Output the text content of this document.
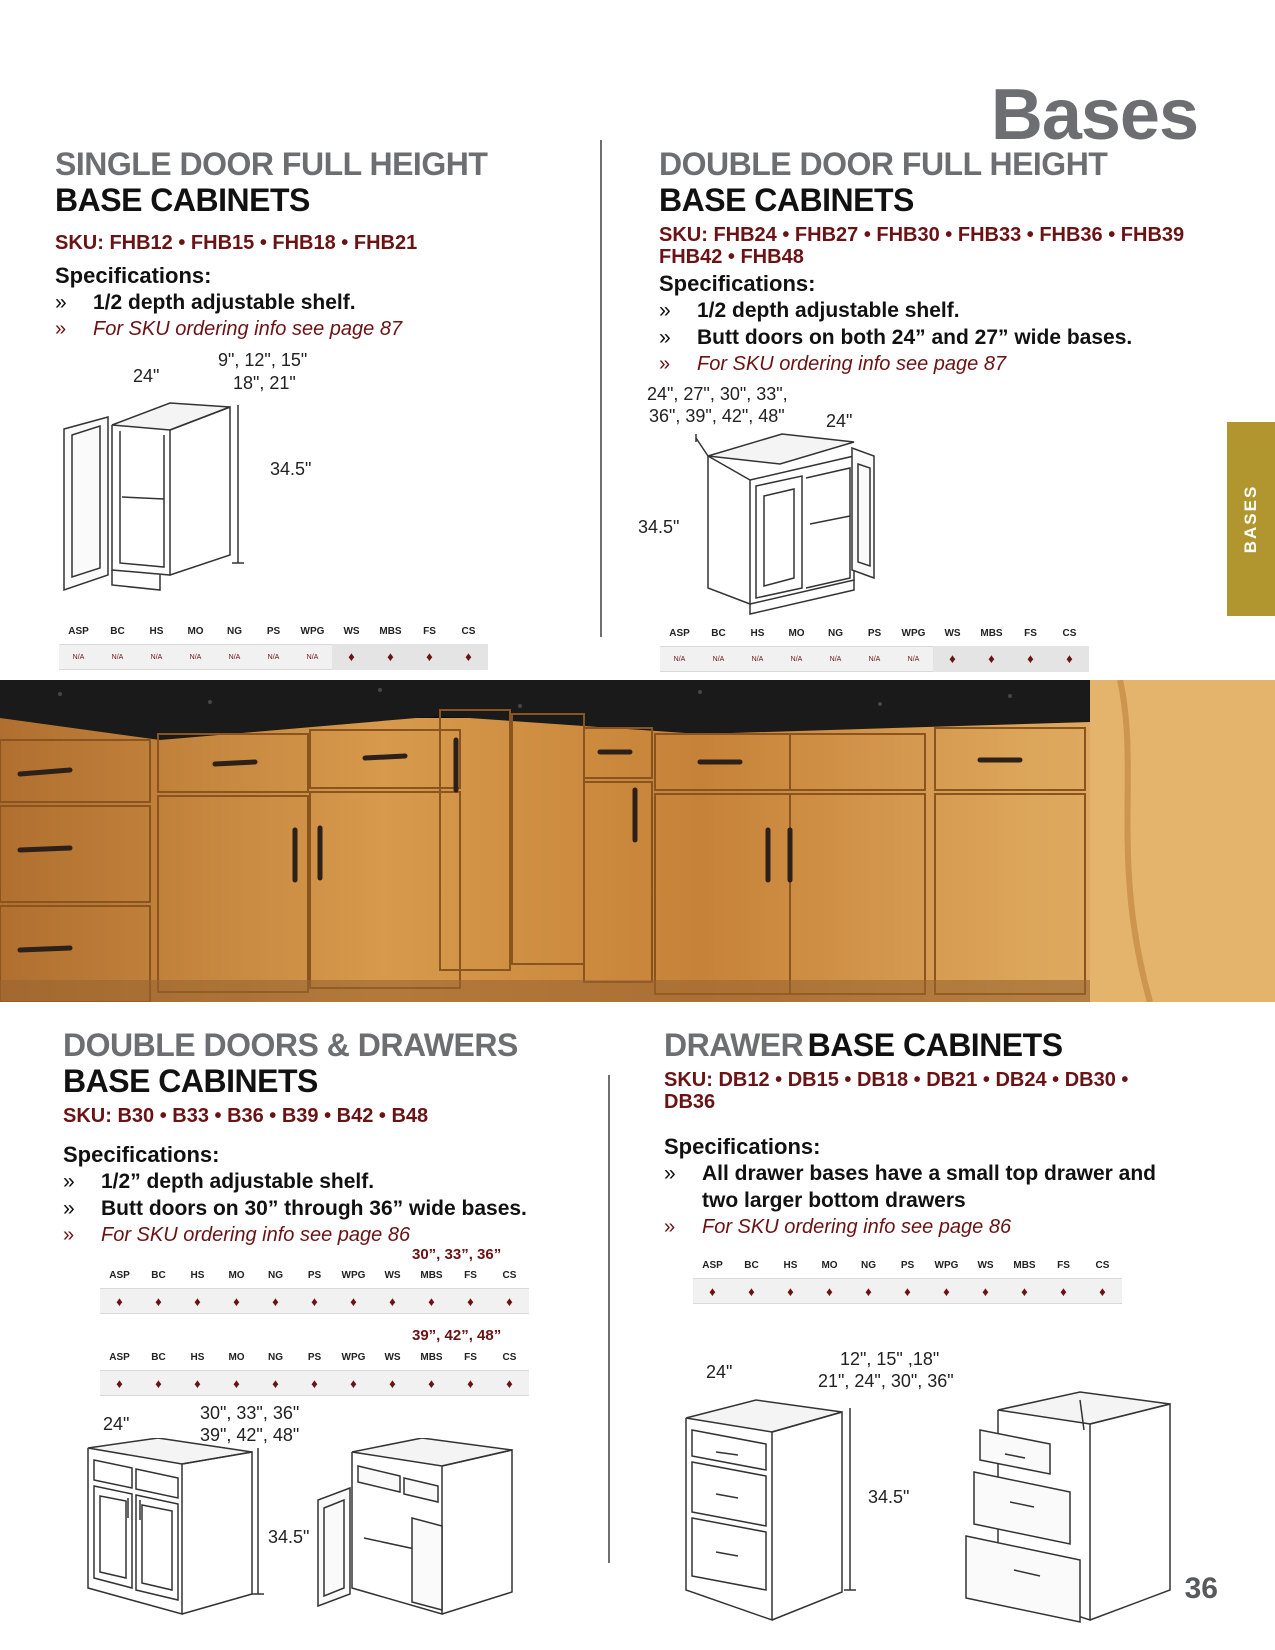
Bases
BASES
36
SINGLE DOOR FULL HEIGHT
BASE CABINETS
SKU: FHB12 • FHB15 • FHB18 • FHB21
Specifications:
» 1/2 depth adjustable shelf.
» For SKU ordering info see page 87
24"
9", 12", 15"
18", 21"
34.5"
ASP	BC	HS	MO	NG	PS	WPG	WS	MBS	FS	CS
N/A	N/A	N/A	N/A	N/A	N/A	N/A	♦	♦	♦	♦
DOUBLE DOOR FULL HEIGHT
BASE CABINETS
SKU: FHB24 • FHB27 • FHB30 • FHB33 • FHB36 • FHB39
FHB42 • FHB48
Specifications:
» 1/2 depth adjustable shelf.
» Butt doors on both 24” and 27” wide bases.
» For SKU ordering info see page 87
24", 27", 30", 33",
36", 39", 42", 48" 24"
34.5"
ASP	BC	HS	MO	NG	PS	WPG	WS	MBS	FS	CS
N/A	N/A	N/A	N/A	N/A	N/A	N/A	♦	♦	♦	♦
DOUBLE DOORS & DRAWERS
BASE CABINETS
SKU: B30 • B33 • B36 • B39 • B42 • B48
Specifications:
» 1/2” depth adjustable shelf.
» Butt doors on 30” through 36” wide bases.
» For SKU ordering info see page 86
30”, 33”, 36”
ASP	BC	HS	MO	NG	PS	WPG	WS	MBS	FS	CS
♦	♦	♦	♦	♦	♦	♦	♦	♦	♦	♦
39”, 42”, 48”
ASP	BC	HS	MO	NG	PS	WPG	WS	MBS	FS	CS
♦	♦	♦	♦	♦	♦	♦	♦	♦	♦	♦
24"
30", 33", 36"
39", 42", 48"
34.5"
DRAWER BASE CABINETS
SKU: DB12 • DB15 • DB18 • DB21 • DB24 • DB30 • DB36
Specifications:
» All drawer bases have a small top drawer and two larger bottom drawers
» For SKU ordering info see page 86
ASP	BC	HS	MO	NG	PS	WPG	WS	MBS	FS	CS
♦	♦	♦	♦	♦	♦	♦	♦	♦	♦	♦
24"
12", 15" ,18"
21", 24", 30", 36"
34.5"
